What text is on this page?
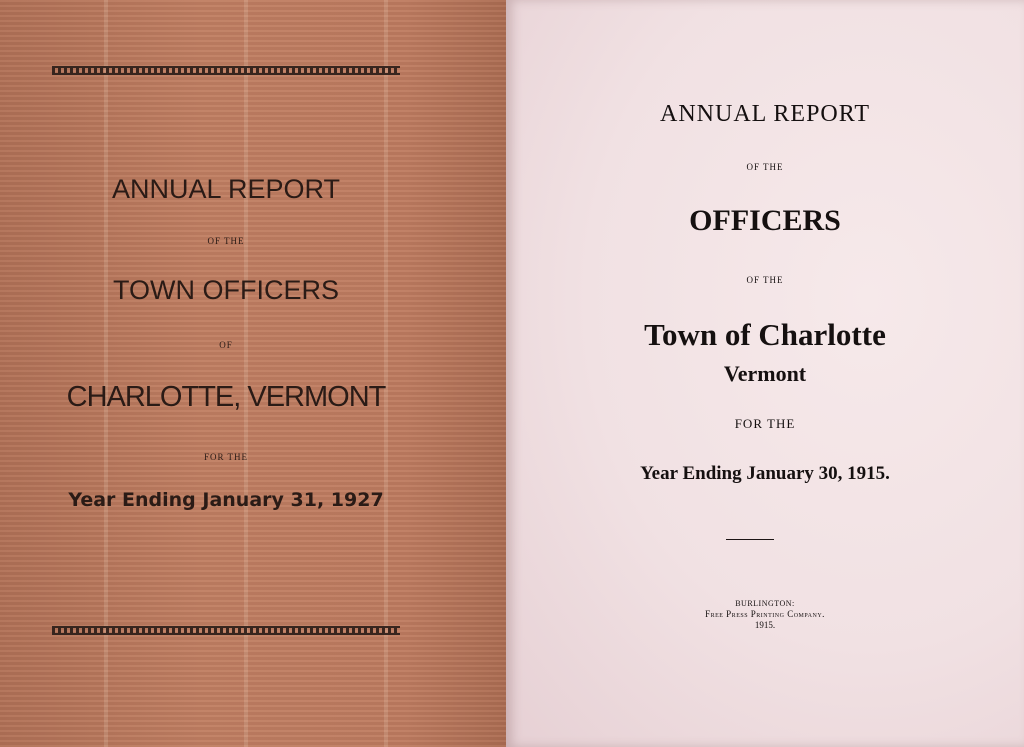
ANNUAL REPORT
OF THE
TOWN OFFICERS
OF
CHARLOTTE, VERMONT
FOR THE
Year Ending January 31, 1927
ANNUAL REPORT
OF THE
OFFICERS
OF THE
Town of Charlotte
Vermont
FOR THE
Year Ending January 30, 1915.
BURLINGTON:
Free Press Printing Company.
1915.
